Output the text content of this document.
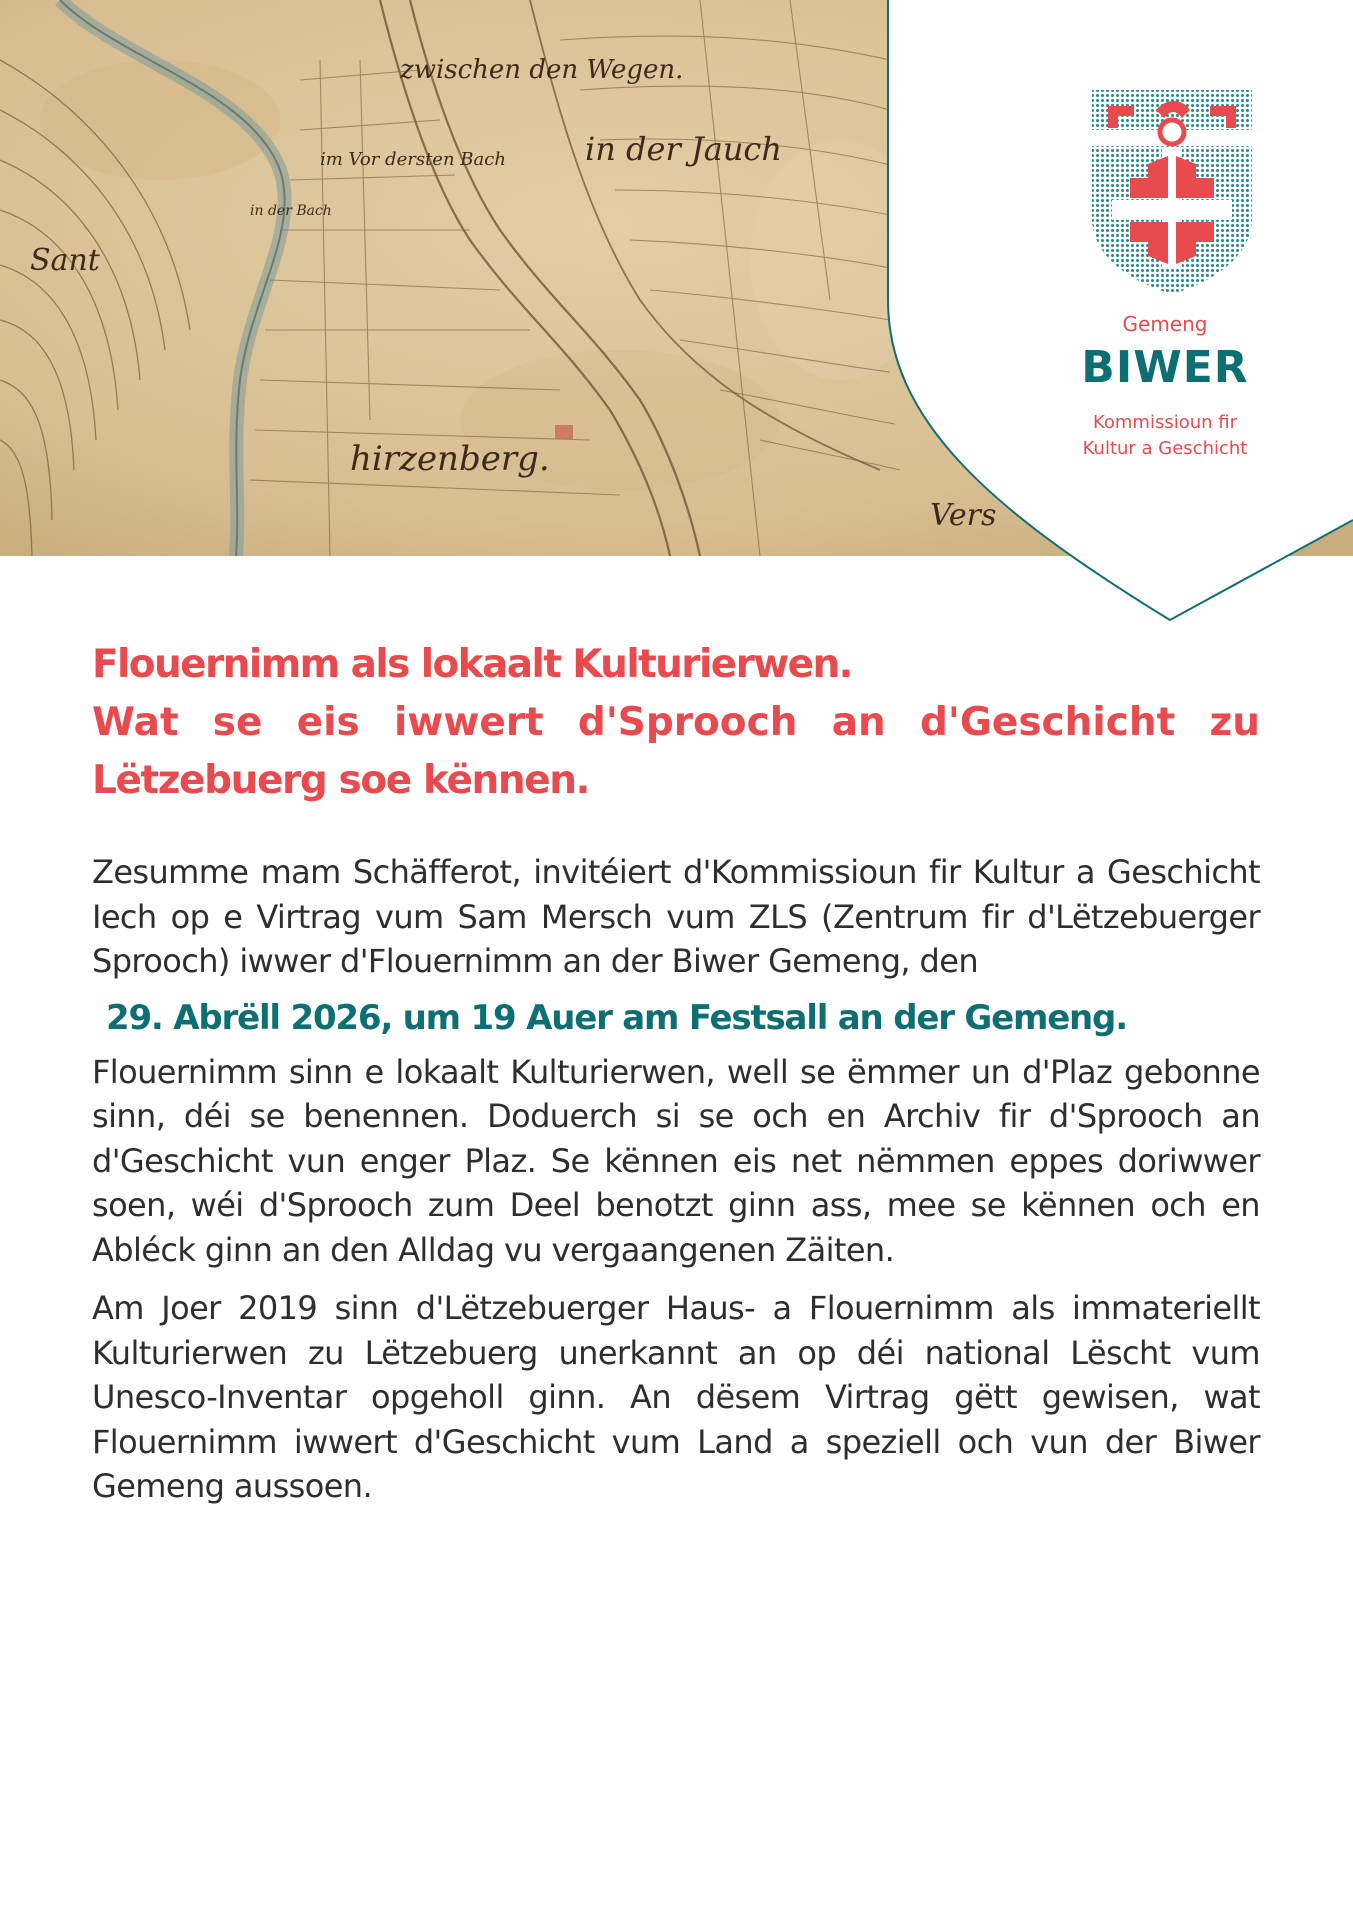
zwischen den Wegen.
in der Jauch
im Vor dersten Bach
in der Bach
Sant
hirzenberg.
Vers
Gemeng
BIWER
Kommissioun fir
Kultur a Geschicht
Flouernimm als lokaalt Kulturierwen.
Wat se eis iwwert d'Sprooch an d'Geschicht zu
Lëtzebuerg soe kënnen.

Zesumme mam Schäfferot, invitéiert d'Kommissioun fir Kultur a Geschicht Iech op e Virtrag vum Sam Mersch vum ZLS (Zentrum fir d'Lëtzebuerger Sprooch) iwwer d'Flouernimm an der Biwer Gemeng, den

29. Abrëll 2026, um 19 Auer am Festsall an der Gemeng.

Flouernimm sinn e lokaalt Kulturierwen, well se ëmmer un d'Plaz gebonne sinn, déi se benennen. Doduerch si se och en Archiv fir d'Sprooch an d'Geschicht vun enger Plaz. Se kënnen eis net nëmmen eppes doriwwer soen, wéi d'Sprooch zum Deel benotzt ginn ass, mee se kënnen och en Abléck ginn an den Alldag vu vergaangenen Zäiten.

Am Joer 2019 sinn d'Lëtzebuerger Haus- a Flouernimm als immateriellt Kulturierwen zu Lëtzebuerg unerkannt an op déi national Lëscht vum Unesco-Inventar opgeholl ginn. An dësem Virtrag gëtt gewisen, wat Flouernimm iwwert d'Geschicht vum Land a speziell och vun der Biwer Gemeng aussoen.
